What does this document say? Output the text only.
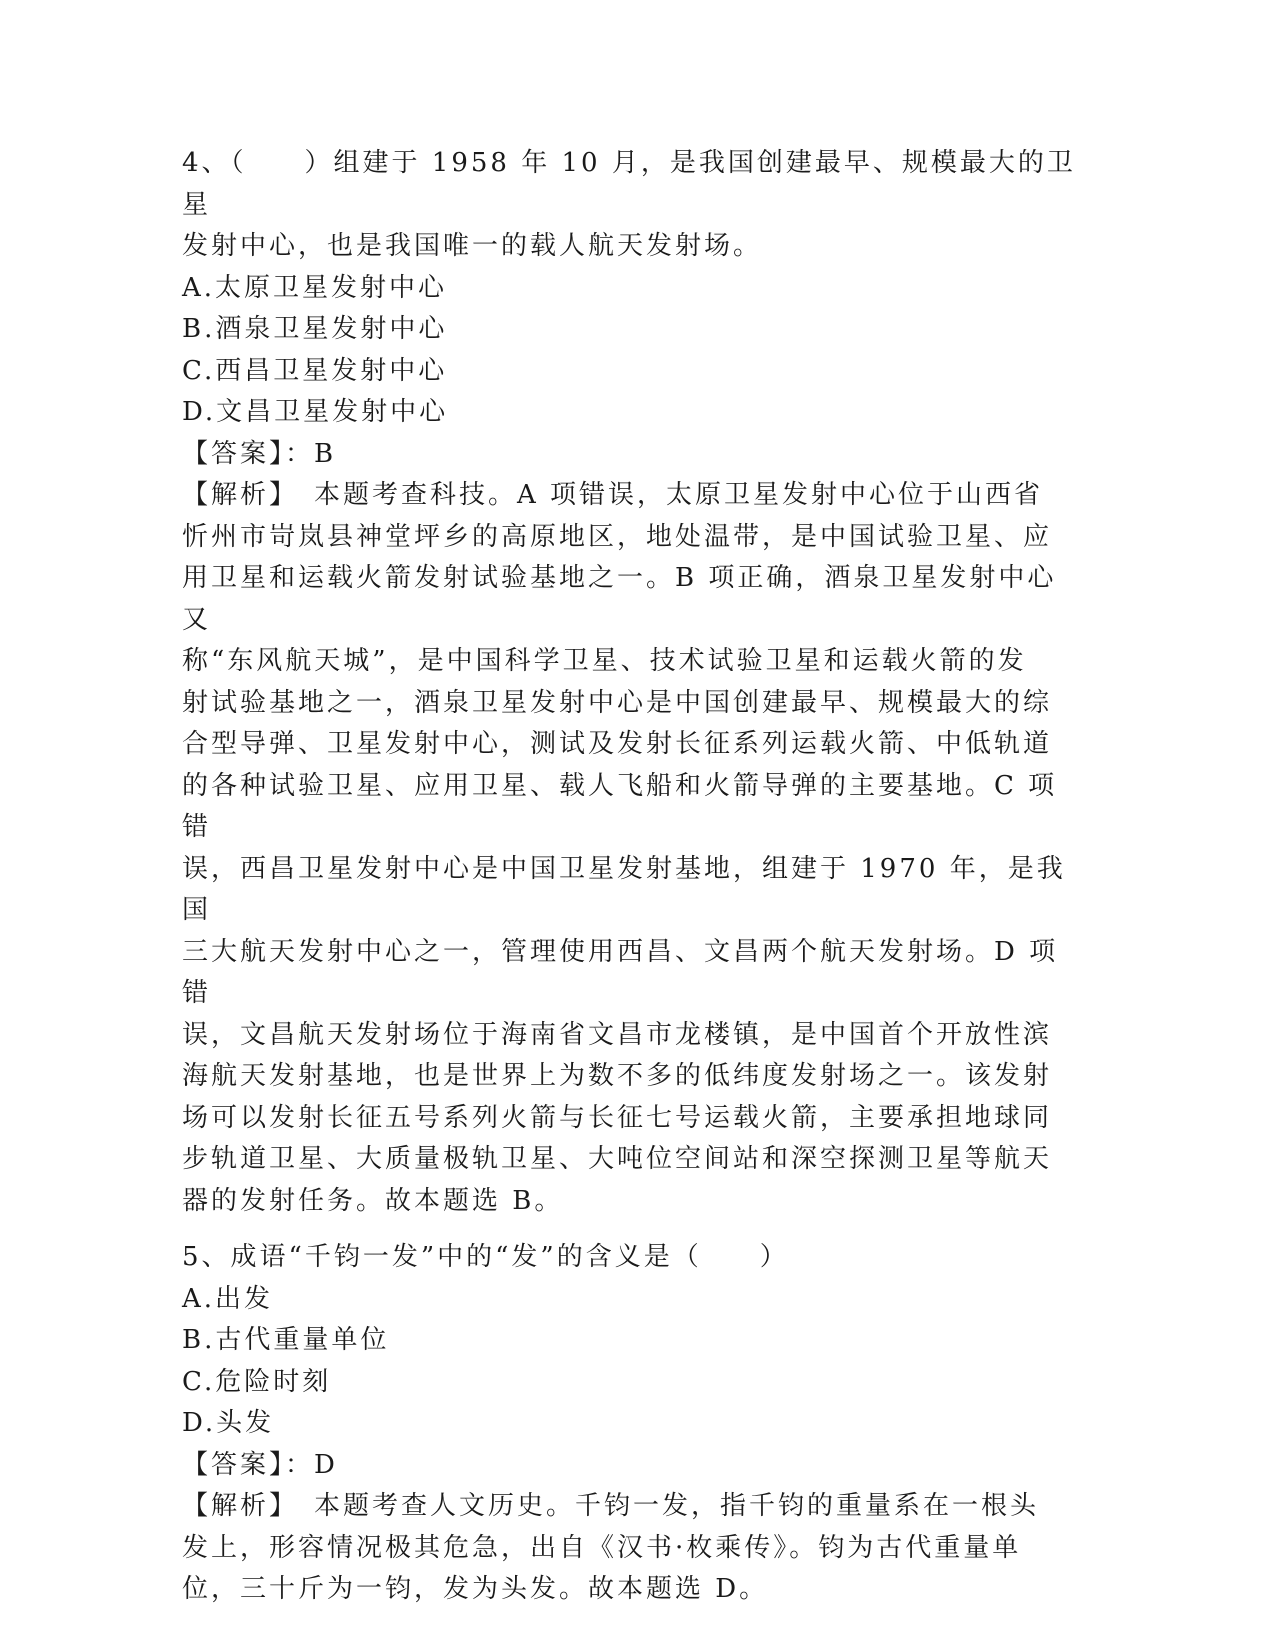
4、（　　）组建于 1958 年 10 月，是我国创建最早、规模最大的卫星

发射中心，也是我国唯一的载人航天发射场。

A.太原卫星发射中心

B.酒泉卫星发射中心

C.西昌卫星发射中心

D.文昌卫星发射中心

【答案】：B

【解析】　本题考查科技。A 项错误，太原卫星发射中心位于山西省

忻州市岢岚县神堂坪乡的高原地区，地处温带，是中国试验卫星、应

用卫星和运载火箭发射试验基地之一。B 项正确，酒泉卫星发射中心又

称“东风航天城”，是中国科学卫星、技术试验卫星和运载火箭的发

射试验基地之一，酒泉卫星发射中心是中国创建最早、规模最大的综

合型导弹、卫星发射中心，测试及发射长征系列运载火箭、中低轨道

的各种试验卫星、应用卫星、载人飞船和火箭导弹的主要基地。C 项错

误，西昌卫星发射中心是中国卫星发射基地，组建于 1970 年，是我国

三大航天发射中心之一，管理使用西昌、文昌两个航天发射场。D 项错

误，文昌航天发射场位于海南省文昌市龙楼镇，是中国首个开放性滨

海航天发射基地，也是世界上为数不多的低纬度发射场之一。该发射

场可以发射长征五号系列火箭与长征七号运载火箭，主要承担地球同

步轨道卫星、大质量极轨卫星、大吨位空间站和深空探测卫星等航天

器的发射任务。故本题选 B。

5、成语“千钧一发”中的“发”的含义是（　　）

A.出发

B.古代重量单位

C.危险时刻

D.头发

【答案】：D

【解析】　本题考查人文历史。千钧一发，指千钧的重量系在一根头

发上，形容情况极其危急，出自《汉书·枚乘传》。钧为古代重量单

位，三十斤为一钧，发为头发。故本题选 D。
